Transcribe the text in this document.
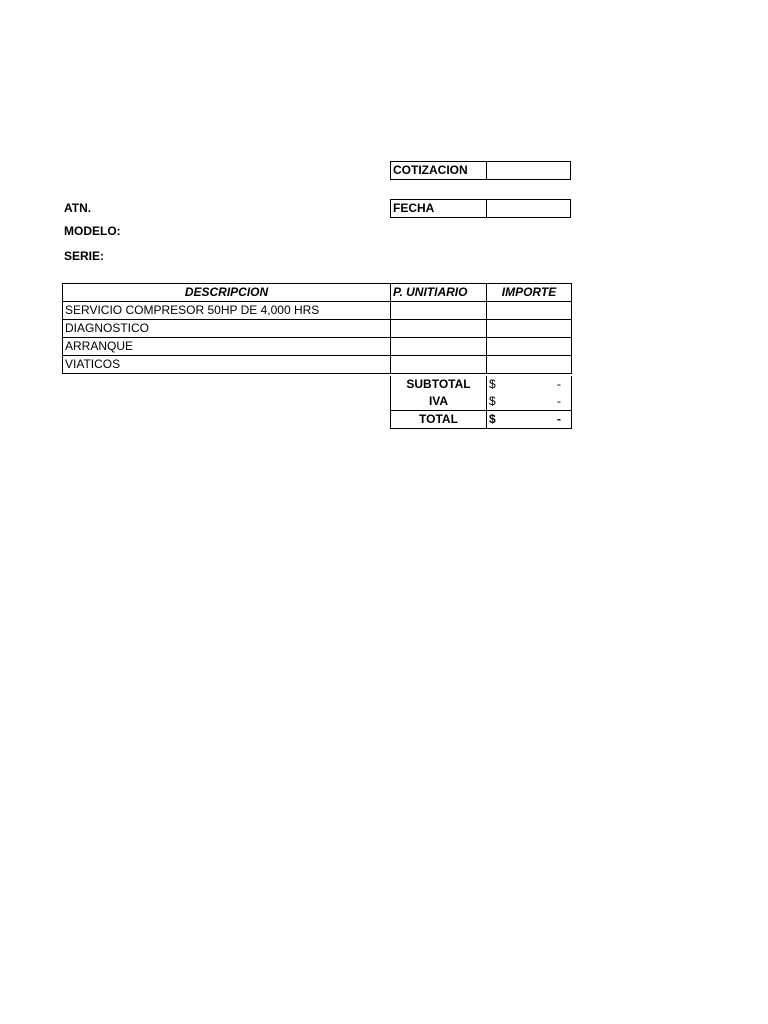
COTIZACION
FECHA
ATN.
MODELO:
SERIE:
DESCRIPCION	P. UNITIARIO	IMPORTE
SERVICIO COMPRESOR 50HP DE 4,000 HRS		
DIAGNOSTICO		
ARRANQUE		
VIATICOS		
SUBTOTAL	$ -

IVA	$ -

TOTAL	$ -
